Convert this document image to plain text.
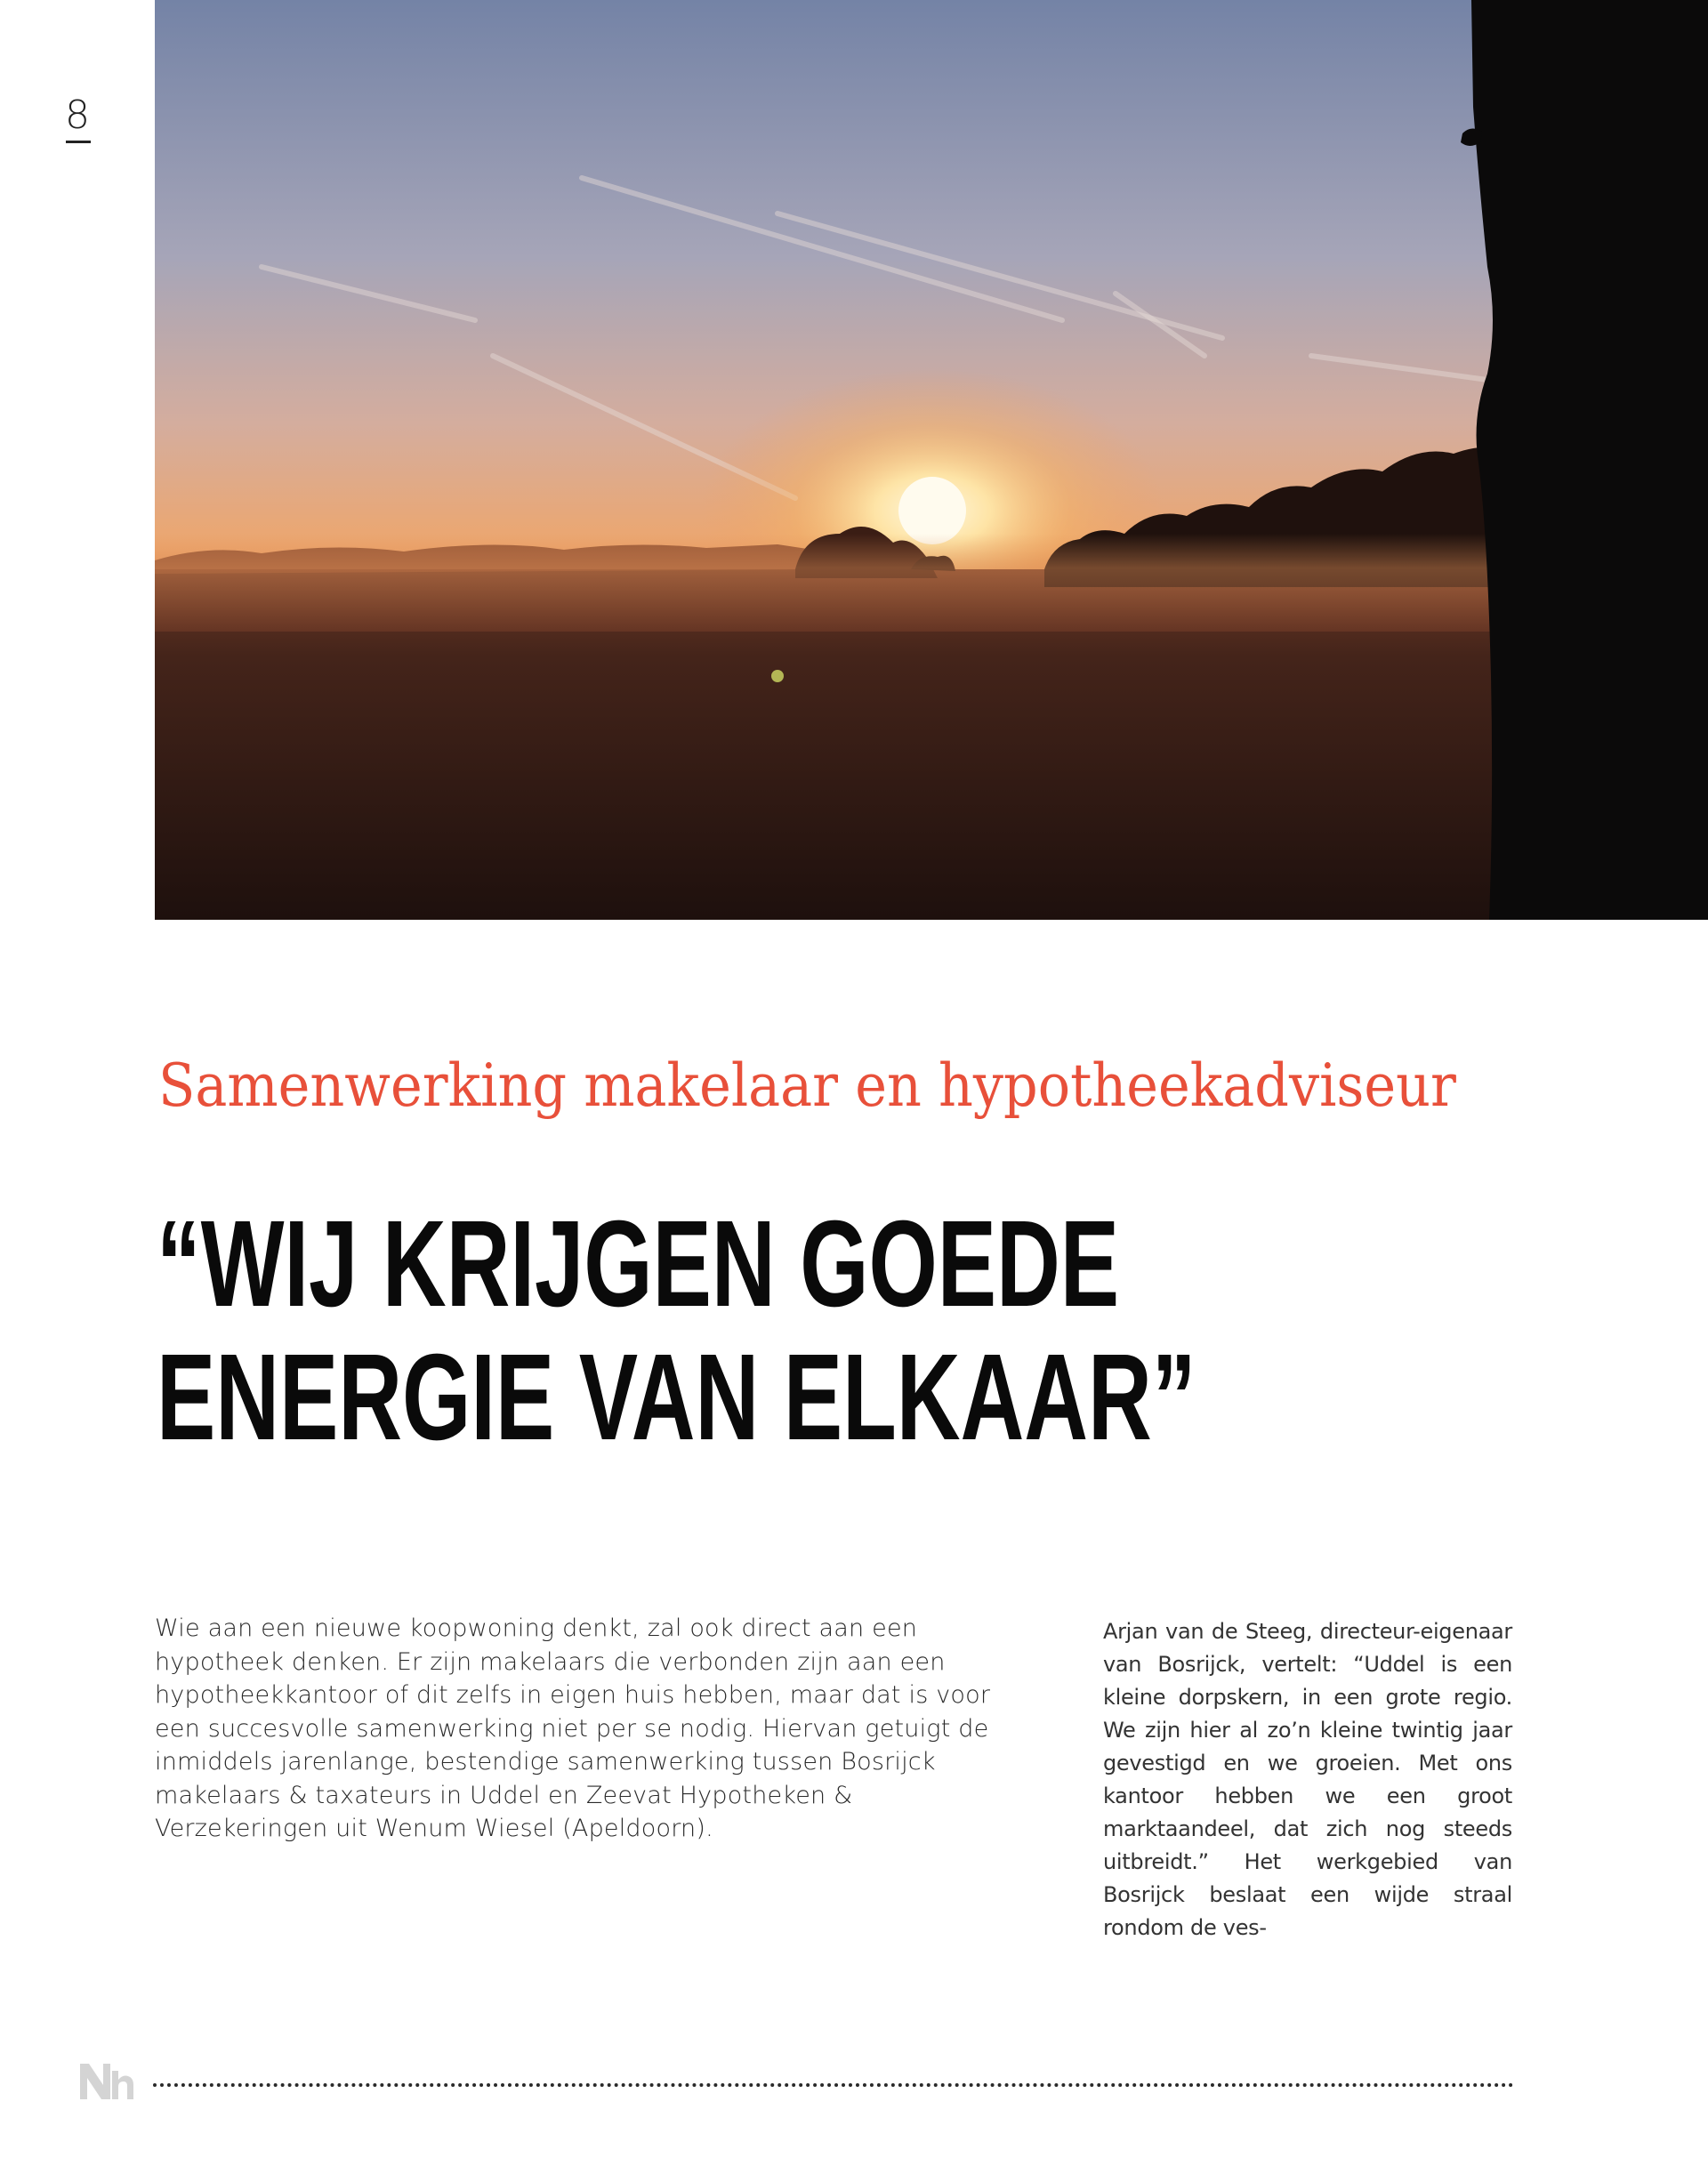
8
Samenwerking makelaar en hypotheekadviseur
“WIJ KRIJGEN GOEDE
ENERGIE VAN ELKAAR”
Wie aan een nieuwe koopwoning denkt, zal ook direct aan een hypotheek denken. Er zijn makelaars die verbonden zijn aan een hypotheekkantoor of dit zelfs in eigen huis hebben, maar dat is voor een succesvolle samenwerking niet per se nodig. Hiervan getuigt de inmiddels jarenlange, bestendige samenwerking tussen Bosrijck makelaars & taxateurs in Uddel en Zeevat Hypotheken & Verzekeringen uit Wenum Wiesel (Apeldoorn).
Arjan van de Steeg, directeur-eigenaar van Bosrijck, vertelt: “Uddel is een kleine dorpskern, in een grote regio. We zijn hier al zo’n kleine twintig jaar gevestigd en we groeien. Met ons kantoor hebben we een groot marktaandeel, dat zich nog steeds uitbreidt.” Het werkgebied van Bosrijck beslaat een wijde straal rondom de ves-
